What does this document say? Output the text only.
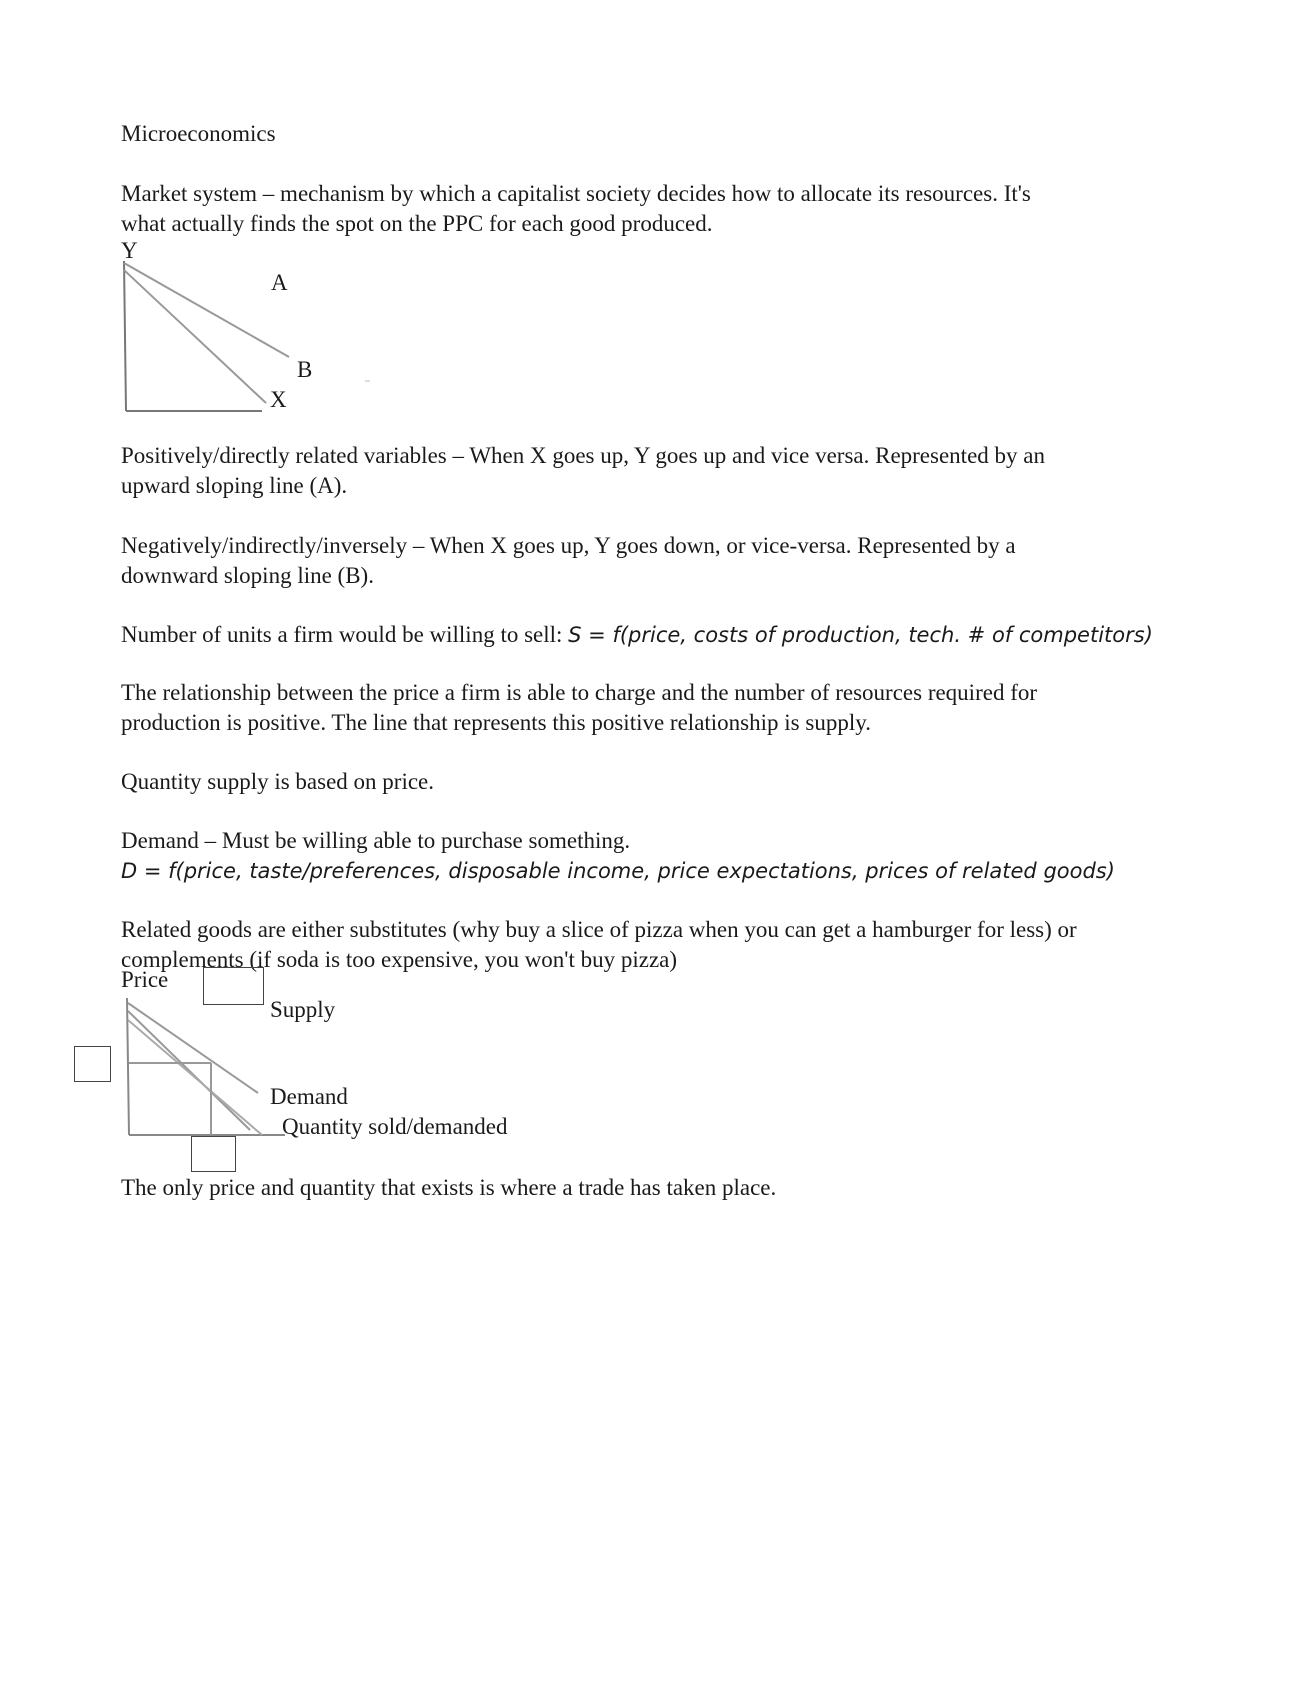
Microeconomics
Market system – mechanism by which a capitalist society decides how to allocate its resources. It's
what actually finds the spot on the PPC for each good produced.
Y
A
B
X
Positively/directly related variables – When X goes up, Y goes up and vice versa. Represented by an
upward sloping line (A).
Negatively/indirectly/inversely – When X goes up, Y goes down, or vice-versa. Represented by a
downward sloping line (B).
Number of units a firm would be willing to sell: S = f(price, costs of production, tech. # of competitors)
The relationship between the price a firm is able to charge and the number of resources required for
production is positive. The line that represents this positive relationship is supply.
Quantity supply is based on price.
Demand – Must be willing able to purchase something.
D = f(price, taste/preferences, disposable income, price expectations, prices of related goods)
Related goods are either substitutes (why buy a slice of pizza when you can get a hamburger for less) or
complements (if soda is too expensive, you won't buy pizza)
Price
Supply
Demand
Quantity sold/demanded
The only price and quantity that exists is where a trade has taken place.
